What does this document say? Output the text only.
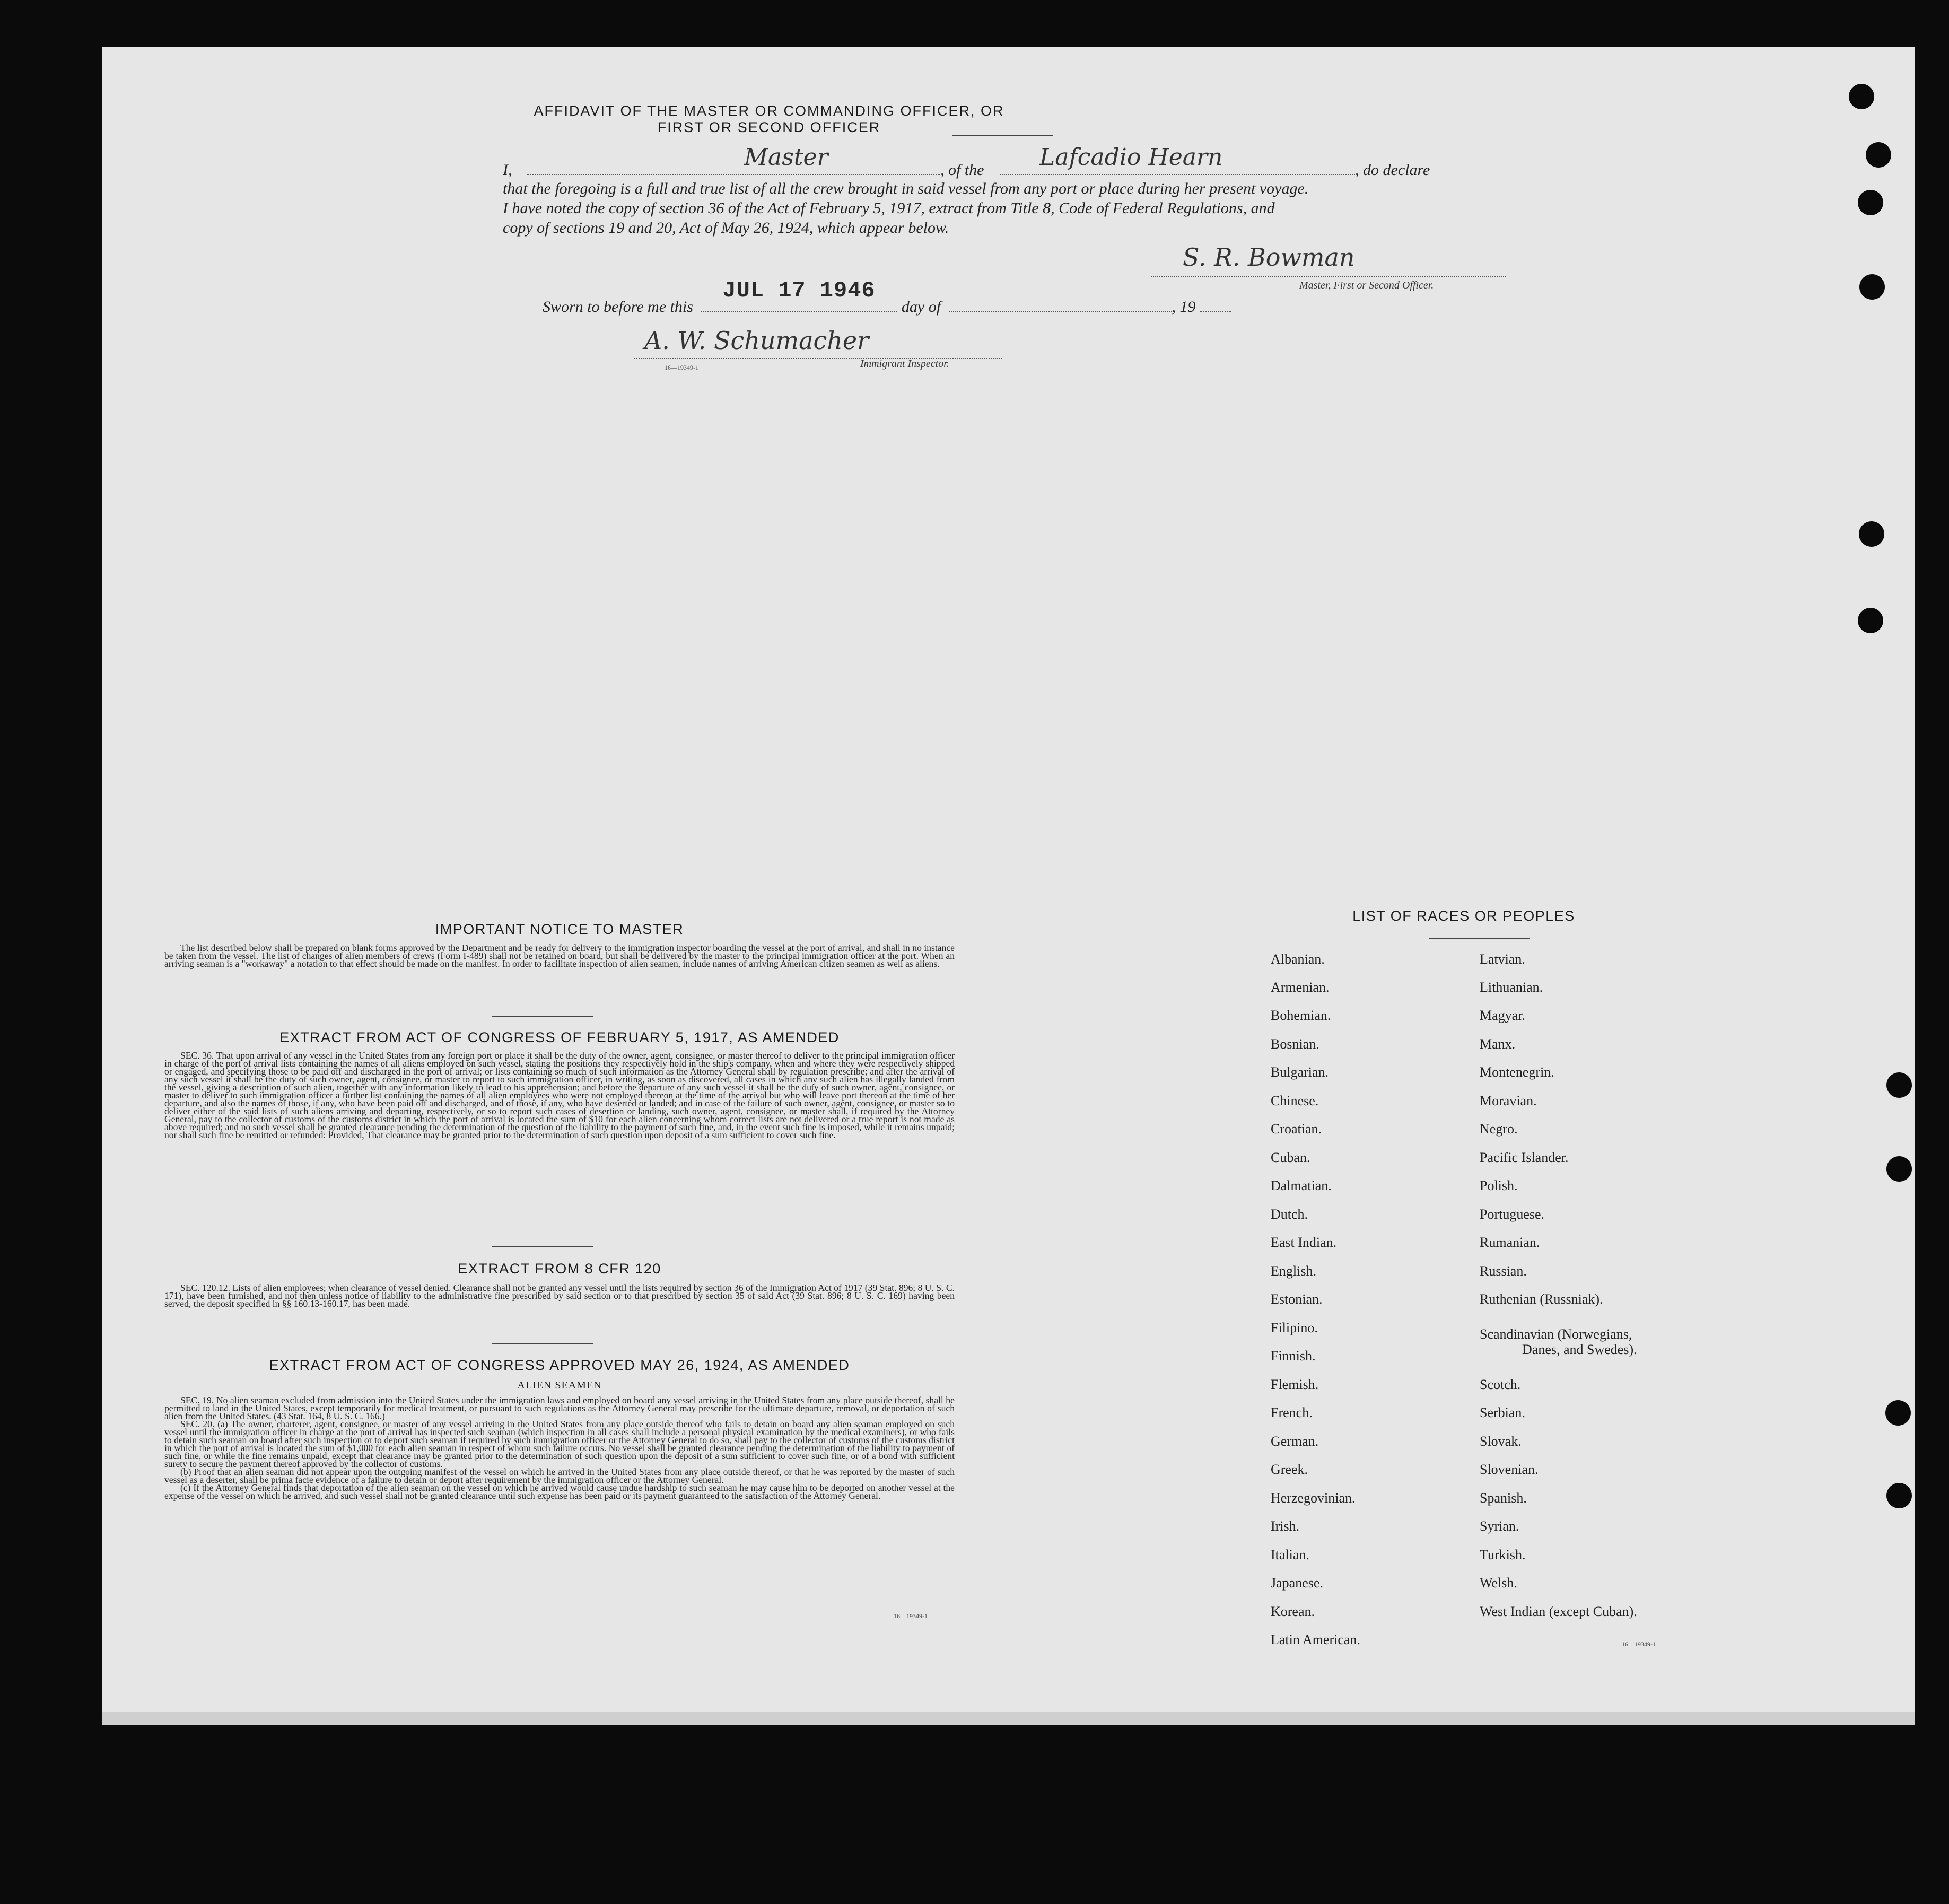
AFFIDAVIT OF THE MASTER OR COMMANDING OFFICER, OR FIRST OR SECOND OFFICER
I,	Master	, of the Lafcadio Hearn	, do declare
that the foregoing is a full and true list of all the crew brought in said vessel from any port or place during her present voyage.
I have noted the copy of section 36 of the Act of February 5, 1917, extract from Title 8, Code of Federal Regulations, and
copy of sections 19 and 20, Act of May 26, 1924, which appear below.
S. R. Bowman
Master, First or Second Officer.
Sworn to before me this
JUL 17 1946
day of	, 19
A. W. Schumacher
Immigrant Inspector.
16—19349-1
IMPORTANT NOTICE TO MASTER

The list described below shall be prepared on blank forms approved by the Department and be ready for delivery to the immigration inspector boarding the vessel at the port of arrival, and shall in no instance be taken from the vessel. The list of changes of alien members of crews (Form I-489) shall not be retained on board, but shall be delivered by the master to the principal immigration officer at the port. When an arriving seaman is a "workaway" a notation to that effect should be made on the manifest. In order to facilitate inspection of alien seamen, include names of arriving American citizen seamen as well as aliens.

EXTRACT FROM ACT OF CONGRESS OF FEBRUARY 5, 1917, AS AMENDED

SEC. 36. That upon arrival of any vessel in the United States from any foreign port or place it shall be the duty of the owner, agent, consignee, or master thereof to deliver to the principal immigration officer in charge of the port of arrival lists containing the names of all aliens employed on such vessel, stating the positions they respectively hold in the ship's company, when and where they were respectively shipped or engaged, and specifying those to be paid off and discharged in the port of arrival; or lists containing so much of such information as the Attorney General shall by regulation prescribe; and after the arrival of any such vessel it shall be the duty of such owner, agent, consignee, or master to report to such immigration officer, in writing, as soon as discovered, all cases in which any such alien has illegally landed from the vessel, giving a description of such alien, together with any information likely to lead to his apprehension; and before the departure of any such vessel it shall be the duty of such owner, agent, consignee, or master to deliver to such immigration officer a further list containing the names of all alien employees who were not employed thereon at the time of the arrival but who will leave port thereon at the time of her departure, and also the names of those, if any, who have been paid off and discharged, and of those, if any, who have deserted or landed; and in case of the failure of such owner, agent, consignee, or master so to deliver either of the said lists of such aliens arriving and departing, respectively, or so to report such cases of desertion or landing, such owner, agent, consignee, or master shall, if required by the Attorney General, pay to the collector of customs of the customs district in which the port of arrival is located the sum of $10 for each alien concerning whom correct lists are not delivered or a true report is not made as above required; and no such vessel shall be granted clearance pending the determination of the question of the liability to the payment of such fine, and, in the event such fine is imposed, while it remains unpaid; nor shall such fine be remitted or refunded: Provided, That clearance may be granted prior to the determination of such question upon deposit of a sum sufficient to cover such fine.

EXTRACT FROM 8 CFR 120

SEC. 120.12. Lists of alien employees; when clearance of vessel denied. Clearance shall not be granted any vessel until the lists required by section 36 of the Immigration Act of 1917 (39 Stat. 896; 8 U. S. C. 171), have been furnished, and not then unless notice of liability to the administrative fine prescribed by said section or to that prescribed by section 35 of said Act (39 Stat. 896; 8 U. S. C. 169) having been served, the deposit specified in §§ 160.13-160.17, has been made.

EXTRACT FROM ACT OF CONGRESS APPROVED MAY 26, 1924, AS AMENDED
ALIEN SEAMEN

SEC. 19. No alien seaman excluded from admission into the United States under the immigration laws and employed on board any vessel arriving in the United States from any place outside thereof, shall be permitted to land in the United States, except temporarily for medical treatment, or pursuant to such regulations as the Attorney General may prescribe for the ultimate departure, removal, or deportation of such alien from the United States. (43 Stat. 164, 8 U. S. C. 166.)

SEC. 20. (a) The owner, charterer, agent, consignee, or master of any vessel arriving in the United States from any place outside thereof who fails to detain on board any alien seaman employed on such vessel until the immigration officer in charge at the port of arrival has inspected such seaman (which inspection in all cases shall include a personal physical examination by the medical examiners), or who fails to detain such seaman on board after such inspection or to deport such seaman if required by such immigration officer or the Attorney General to do so, shall pay to the collector of customs of the customs district in which the port of arrival is located the sum of $1,000 for each alien seaman in respect of whom such failure occurs. No vessel shall be granted clearance pending the determination of the liability to payment of such fine, or while the fine remains unpaid, except that clearance may be granted prior to the determination of such question upon the deposit of a sum sufficient to cover such fine, or of a bond with sufficient surety to secure the payment thereof approved by the collector of customs.

(b) Proof that an alien seaman did not appear upon the outgoing manifest of the vessel on which he arrived in the United States from any place outside thereof, or that he was reported by the master of such vessel as a deserter, shall be prima facie evidence of a failure to detain or deport after requirement by the immigration officer or the Attorney General.

(c) If the Attorney General finds that deportation of the alien seaman on the vessel on which he arrived would cause undue hardship to such seaman he may cause him to be deported on another vessel at the expense of the vessel on which he arrived, and such vessel shall not be granted clearance until such expense has been paid or its payment guaranteed to the satisfaction of the Attorney General.

16—19349-1
LIST OF RACES OR PEOPLES
Albanian.
Armenian.
Bohemian.
Bosnian.
Bulgarian.
Chinese.
Croatian.
Cuban.
Dalmatian.
Dutch.
East Indian.
English.
Estonian.
Filipino.
Finnish.
Flemish.
French.
German.
Greek.
Herzegovinian.
Irish.
Italian.
Japanese.
Korean.
Latin American.
Latvian.
Lithuanian.
Magyar.
Manx.
Montenegrin.
Moravian.
Negro.
Pacific Islander.
Polish.
Portuguese.
Rumanian.
Russian.
Ruthenian (Russniak).
Scandinavian (Norwegians,
Danes, and Swedes).
Scotch.
Serbian.
Slovak.
Slovenian.
Spanish.
Syrian.
Turkish.
Welsh.
West Indian (except Cuban).
16—19349-1
